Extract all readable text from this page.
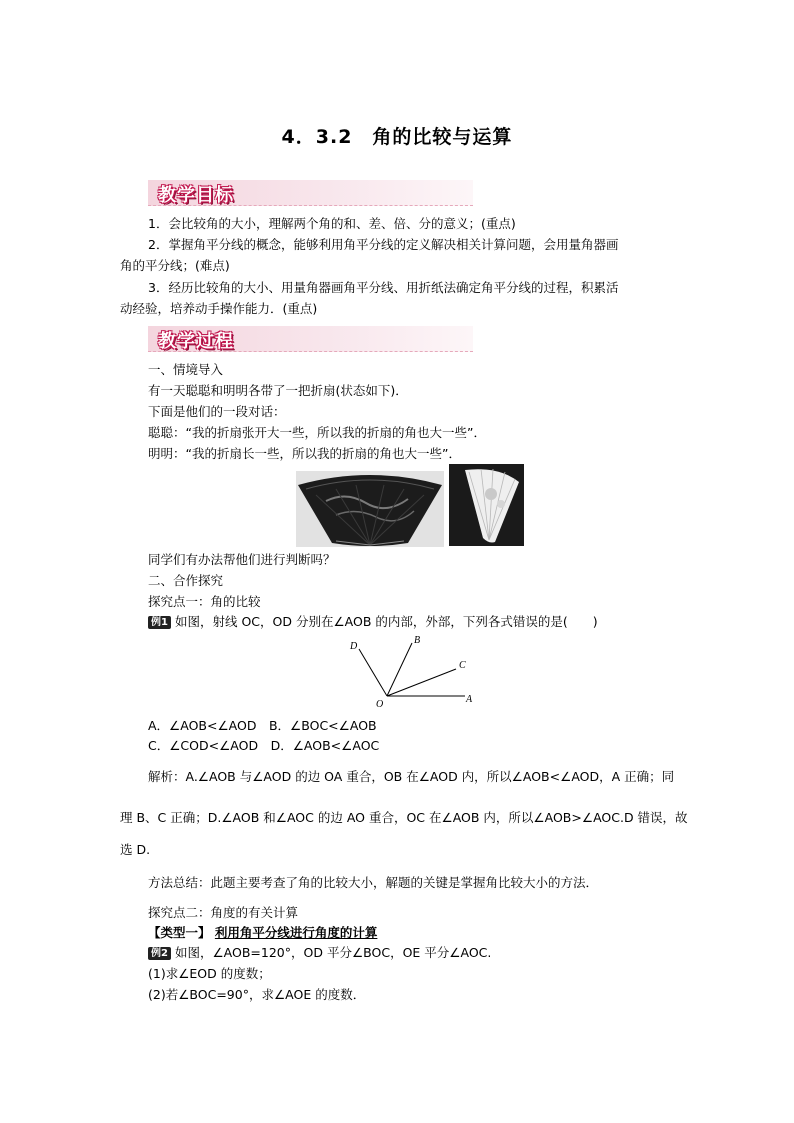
4．3.2　角的比较与运算
教学目标
1．会比较角的大小，理解两个角的和、差、倍、分的意义；(重点)
2．掌握角平分线的概念，能够利用角平分线的定义解决相关计算问题，会用量角器画
角的平分线；(难点)
3．经历比较角的大小、用量角器画角平分线、用折纸法确定角平分线的过程，积累活
动经验，培养动手操作能力．(重点)
教学过程
一、情境导入
有一天聪聪和明明各带了一把折扇(状态如下)．
下面是他们的一段对话：
聪聪：“我的折扇张开大一些，所以我的折扇的角也大一些”．
明明：“我的折扇长一些，所以我的折扇的角也大一些”．
同学们有办法帮他们进行判断吗？
二、合作探究
探究点一：角的比较
例1 如图，射线 OC，OD 分别在∠AOB 的内部，外部，下列各式错误的是(　　)
D
B
C
O	A
A．∠AOB<∠AOD　B．∠BOC<∠AOB
C．∠COD<∠AOD　D．∠AOB<∠AOC
解析：A.∠AOB 与∠AOD 的边 OA 重合，OB 在∠AOD 内，所以∠AOB<∠AOD，A 正确；同
理 B、C 正确；D.∠AOB 和∠AOC 的边 AO 重合，OC 在∠AOB 内，所以∠AOB>∠AOC.D 错误，故
选 D.
方法总结：此题主要考查了角的比较大小，解题的关键是掌握角比较大小的方法．
探究点二：角度的有关计算
【类型一】 利用角平分线进行角度的计算
例2 如图，∠AOB=120°，OD 平分∠BOC，OE 平分∠AOC.
(1)求∠EOD 的度数；
(2)若∠BOC=90°，求∠AOE 的度数．
